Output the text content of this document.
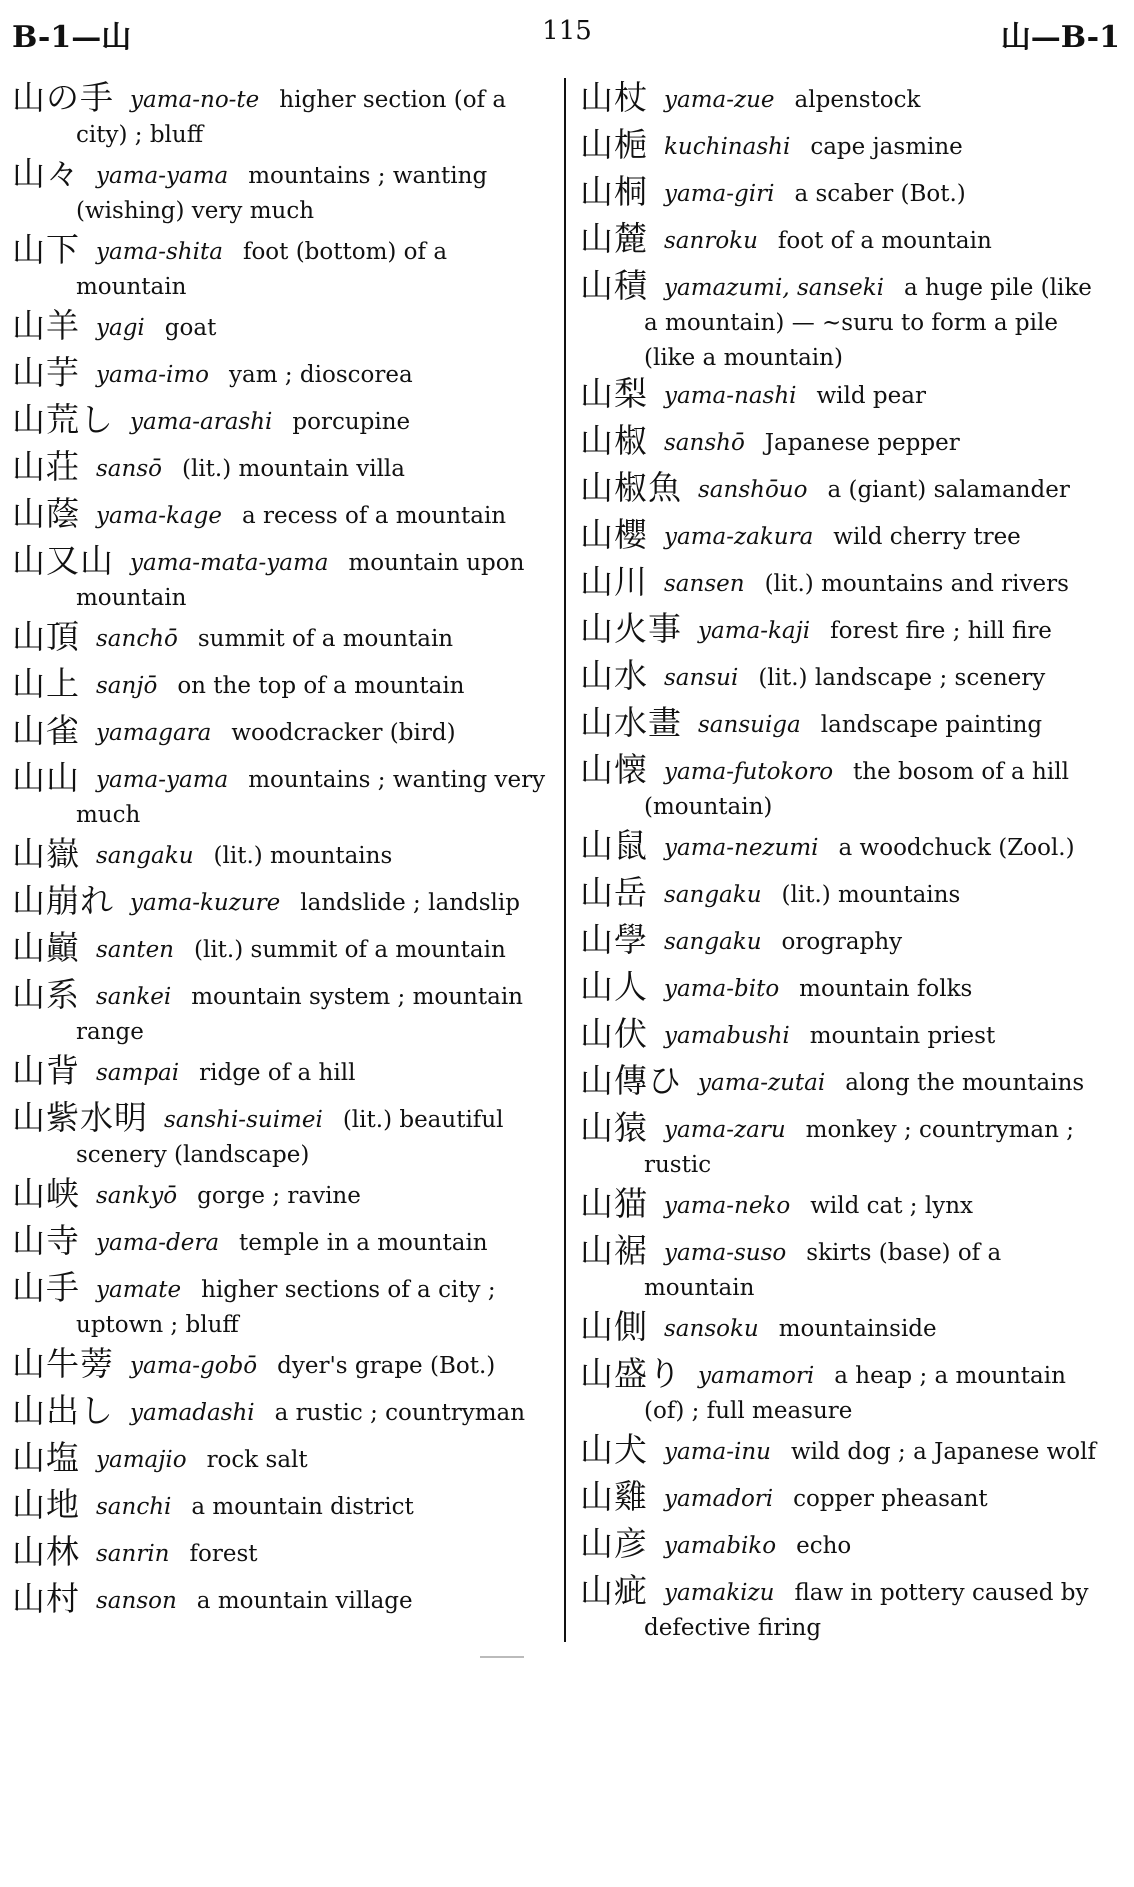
B-1—山	115	山—B-1
山の手 yama-no-te higher section (of a city) ; bluff
山々 yama-yama mountains ; wanting (wishing) very much
山下 yama-shita foot (bottom) of a mountain
山羊 yagi goat
山芋 yama-imo yam ; dioscorea
山荒し yama-arashi porcupine
山荘 sansō (lit.) mountain villa
山蔭 yama-kage a recess of a mountain
山又山 yama-mata-yama mountain upon mountain
山頂 sanchō summit of a mountain
山上 sanjō on the top of a mountain
山雀 yamagara woodcracker (bird)
山山 yama-yama mountains ; wanting very much
山嶽 sangaku (lit.) mountains
山崩れ yama-kuzure landslide ; landslip
山巓 santen (lit.) summit of a mountain
山系 sankei mountain system ; mountain range
山背 sampai ridge of a hill
山紫水明 sanshi-suimei (lit.) beautiful scenery (landscape)
山峡 sankyō gorge ; ravine
山寺 yama-dera temple in a mountain
山手 yamate higher sections of a city ; uptown ; bluff
山牛蒡 yama-gobō dyer's grape (Bot.)
山出し yamadashi a rustic ; countryman
山塩 yamajio rock salt
山地 sanchi a mountain district
山林 sanrin forest
山村 sanson a mountain village
山杖 yama-zue alpenstock
山梔 kuchinashi cape jasmine
山桐 yama-giri a scaber (Bot.)
山麓 sanroku foot of a mountain
山積 yamazumi, sanseki a huge pile (like a mountain) — ~suru to form a pile (like a mountain)
山梨 yama-nashi wild pear
山椒 sanshō Japanese pepper
山椒魚 sanshōuo a (giant) salamander
山櫻 yama-zakura wild cherry tree
山川 sansen (lit.) mountains and rivers
山火事 yama-kaji forest fire ; hill fire
山水 sansui (lit.) landscape ; scenery
山水畫 sansuiga landscape painting
山懐 yama-futokoro the bosom of a hill (mountain)
山鼠 yama-nezumi a woodchuck (Zool.)
山岳 sangaku (lit.) mountains
山學 sangaku orography
山人 yama-bito mountain folks
山伏 yamabushi mountain priest
山傳ひ yama-zutai along the mountains
山猿 yama-zaru monkey ; countryman ; rustic
山猫 yama-neko wild cat ; lynx
山裾 yama-suso skirts (base) of a mountain
山側 sansoku mountainside
山盛り yamamori a heap ; a mountain (of) ; full measure
山犬 yama-inu wild dog ; a Japanese wolf
山雞 yamadori copper pheasant
山彦 yamabiko echo
山疵 yamakizu flaw in pottery caused by defective firing
